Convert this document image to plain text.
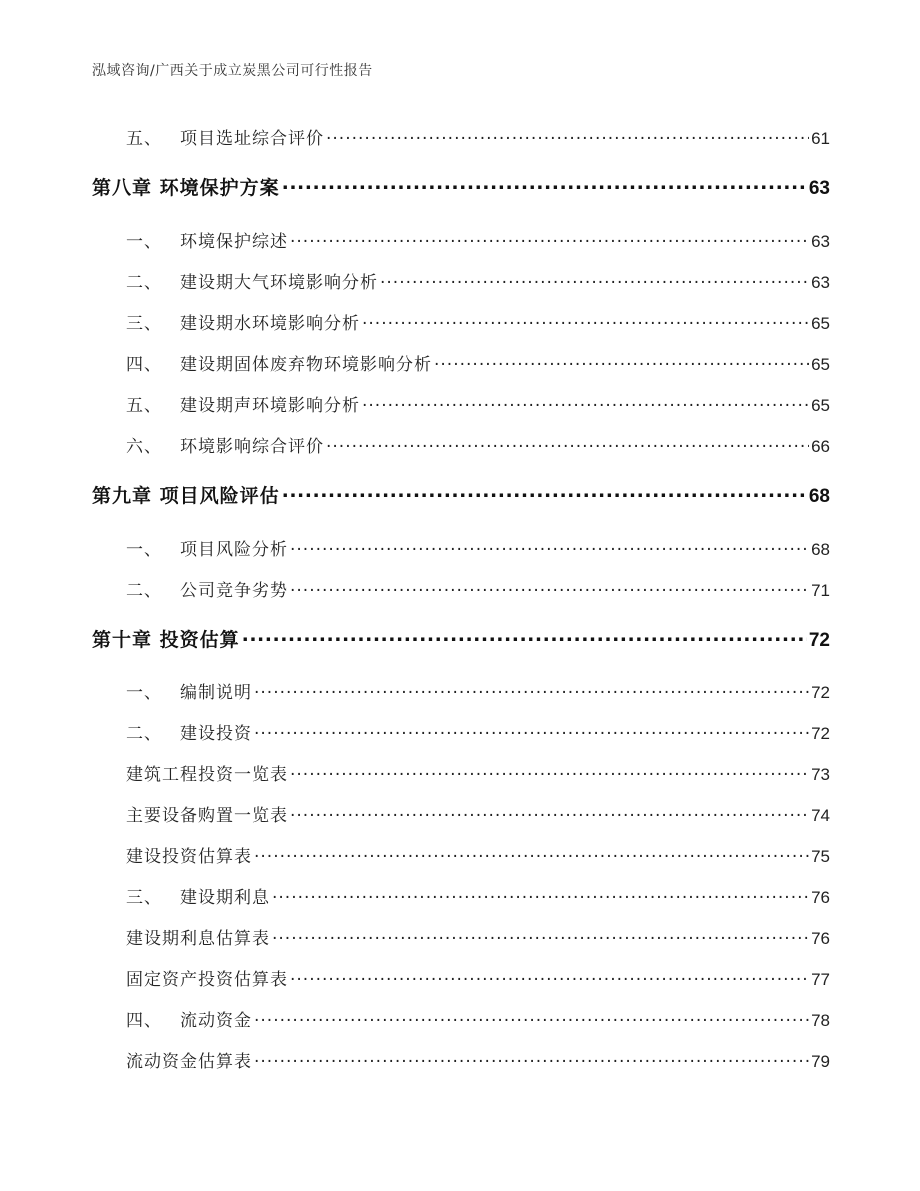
泓域咨询/广西关于成立炭黑公司可行性报告
五、 项目选址综合评价 .....	61
第八章 环境保护方案 .....	63
一、 环境保护综述 .....	63
二、 建设期大气环境影响分析 .....	63
三、 建设期水环境影响分析 .....	65
四、 建设期固体废弃物环境影响分析 .....	65
五、 建设期声环境影响分析 .....	65
六、 环境影响综合评价 .....	66
第九章 项目风险评估 .....	68
一、 项目风险分析 .....	68
二、 公司竞争劣势 .....	71
第十章 投资估算 .....	72
一、 编制说明 .....	72
二、 建设投资 .....	72
建筑工程投资一览表 .....	73
主要设备购置一览表 .....	74
建设投资估算表 .....	75
三、 建设期利息 .....	76
建设期利息估算表 .....	76
固定资产投资估算表 .....	77
四、 流动资金 .....	78
流动资金估算表 .....	79
